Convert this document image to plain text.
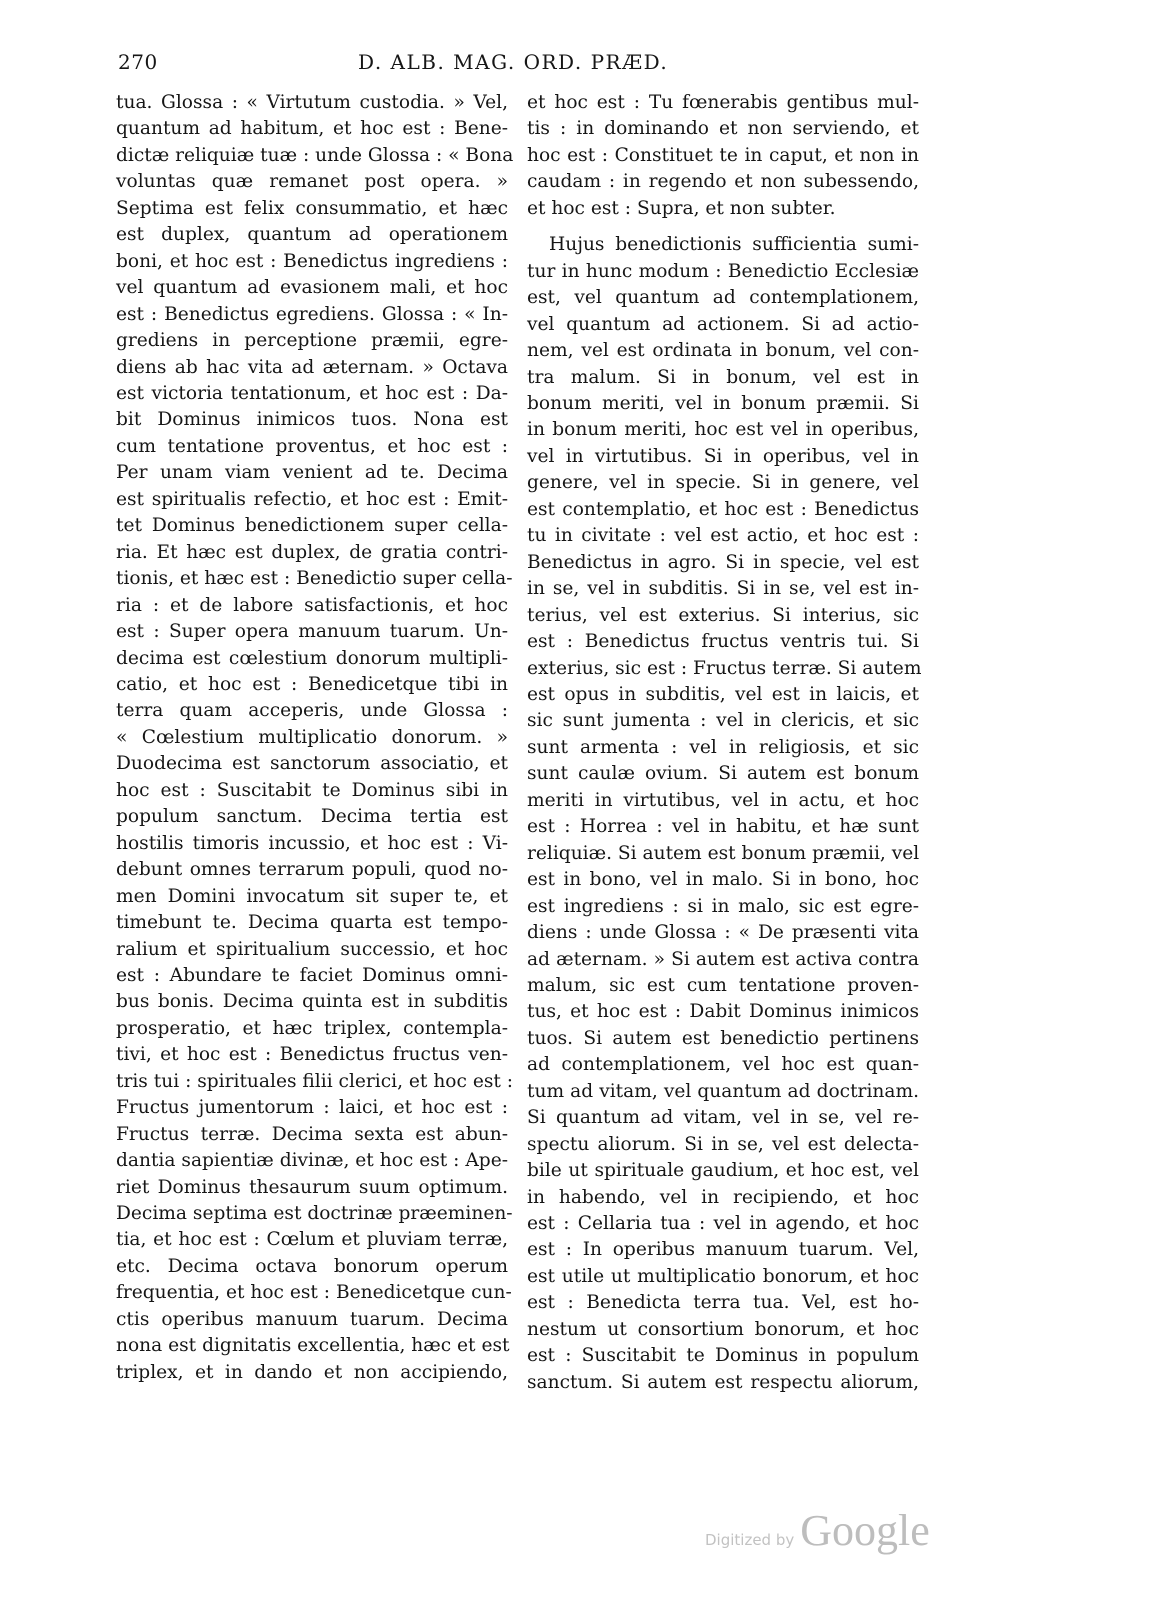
270	D. ALB. MAG. ORD. PRÆD.
tua. Glossa : « Virtutum custodia. » Vel,
quantum ad habitum, et hoc est : Bene-
dictæ reliquiæ tuæ : unde Glossa : « Bona
voluntas quæ remanet post opera. »
Septima est felix consummatio, et hæc
est duplex, quantum ad operationem
boni, et hoc est : Benedictus ingrediens :
vel quantum ad evasionem mali, et hoc
est : Benedictus egrediens. Glossa : « In-
grediens in perceptione præmii, egre-
diens ab hac vita ad æternam. » Octava
est victoria tentationum, et hoc est : Da-
bit Dominus inimicos tuos. Nona est
cum tentatione proventus, et hoc est :
Per unam viam venient ad te. Decima
est spiritualis refectio, et hoc est : Emit-
tet Dominus benedictionem super cella-
ria. Et hæc est duplex, de gratia contri-
tionis, et hæc est : Benedictio super cella-
ria : et de labore satisfactionis, et hoc
est : Super opera manuum tuarum. Un-
decima est cœlestium donorum multipli-
catio, et hoc est : Benedicetque tibi in
terra quam acceperis, unde Glossa :
« Cœlestium multiplicatio donorum. »
Duodecima est sanctorum associatio, et
hoc est : Suscitabit te Dominus sibi in
populum sanctum. Decima tertia est
hostilis timoris incussio, et hoc est : Vi-
debunt omnes terrarum populi, quod no-
men Domini invocatum sit super te, et
timebunt te. Decima quarta est tempo-
ralium et spiritualium successio, et hoc
est : Abundare te faciet Dominus omni-
bus bonis. Decima quinta est in subditis
prosperatio, et hæc triplex, contempla-
tivi, et hoc est : Benedictus fructus ven-
tris tui : spirituales filii clerici, et hoc est :
Fructus jumentorum : laici, et hoc est :
Fructus terræ. Decima sexta est abun-
dantia sapientiæ divinæ, et hoc est : Ape-
riet Dominus thesaurum suum optimum.
Decima septima est doctrinæ præeminen-
tia, et hoc est : Cœlum et pluviam terræ,
etc. Decima octava bonorum operum
frequentia, et hoc est : Benedicetque cun-
ctis operibus manuum tuarum. Decima
nona est dignitatis excellentia, hæc et est
triplex, et in dando et non accipiendo,
et hoc est : Tu fœnerabis gentibus mul-
tis : in dominando et non serviendo, et
hoc est : Constituet te in caput, et non in
caudam : in regendo et non subessendo,
et hoc est : Supra, et non subter.
Hujus benedictionis sufficientia sumi-
tur in hunc modum : Benedictio Ecclesiæ
est, vel quantum ad contemplationem,
vel quantum ad actionem. Si ad actio-
nem, vel est ordinata in bonum, vel con-
tra malum. Si in bonum, vel est in
bonum meriti, vel in bonum præmii. Si
in bonum meriti, hoc est vel in operibus,
vel in virtutibus. Si in operibus, vel in
genere, vel in specie. Si in genere, vel
est contemplatio, et hoc est : Benedictus
tu in civitate : vel est actio, et hoc est :
Benedictus in agro. Si in specie, vel est
in se, vel in subditis. Si in se, vel est in-
terius, vel est exterius. Si interius, sic
est : Benedictus fructus ventris tui. Si
exterius, sic est : Fructus terræ. Si autem
est opus in subditis, vel est in laicis, et
sic sunt jumenta : vel in clericis, et sic
sunt armenta : vel in religiosis, et sic
sunt caulæ ovium. Si autem est bonum
meriti in virtutibus, vel in actu, et hoc
est : Horrea : vel in habitu, et hæ sunt
reliquiæ. Si autem est bonum præmii, vel
est in bono, vel in malo. Si in bono, hoc
est ingrediens : si in malo, sic est egre-
diens : unde Glossa : « De præsenti vita
ad æternam. » Si autem est activa contra
malum, sic est cum tentatione proven-
tus, et hoc est : Dabit Dominus inimicos
tuos. Si autem est benedictio pertinens
ad contemplationem, vel hoc est quan-
tum ad vitam, vel quantum ad doctrinam.
Si quantum ad vitam, vel in se, vel re-
spectu aliorum. Si in se, vel est delecta-
bile ut spirituale gaudium, et hoc est, vel
in habendo, vel in recipiendo, et hoc
est : Cellaria tua : vel in agendo, et hoc
est : In operibus manuum tuarum. Vel,
est utile ut multiplicatio bonorum, et hoc
est : Benedicta terra tua. Vel, est ho-
nestum ut consortium bonorum, et hoc
est : Suscitabit te Dominus in populum
sanctum. Si autem est respectu aliorum,
Digitized by Google
